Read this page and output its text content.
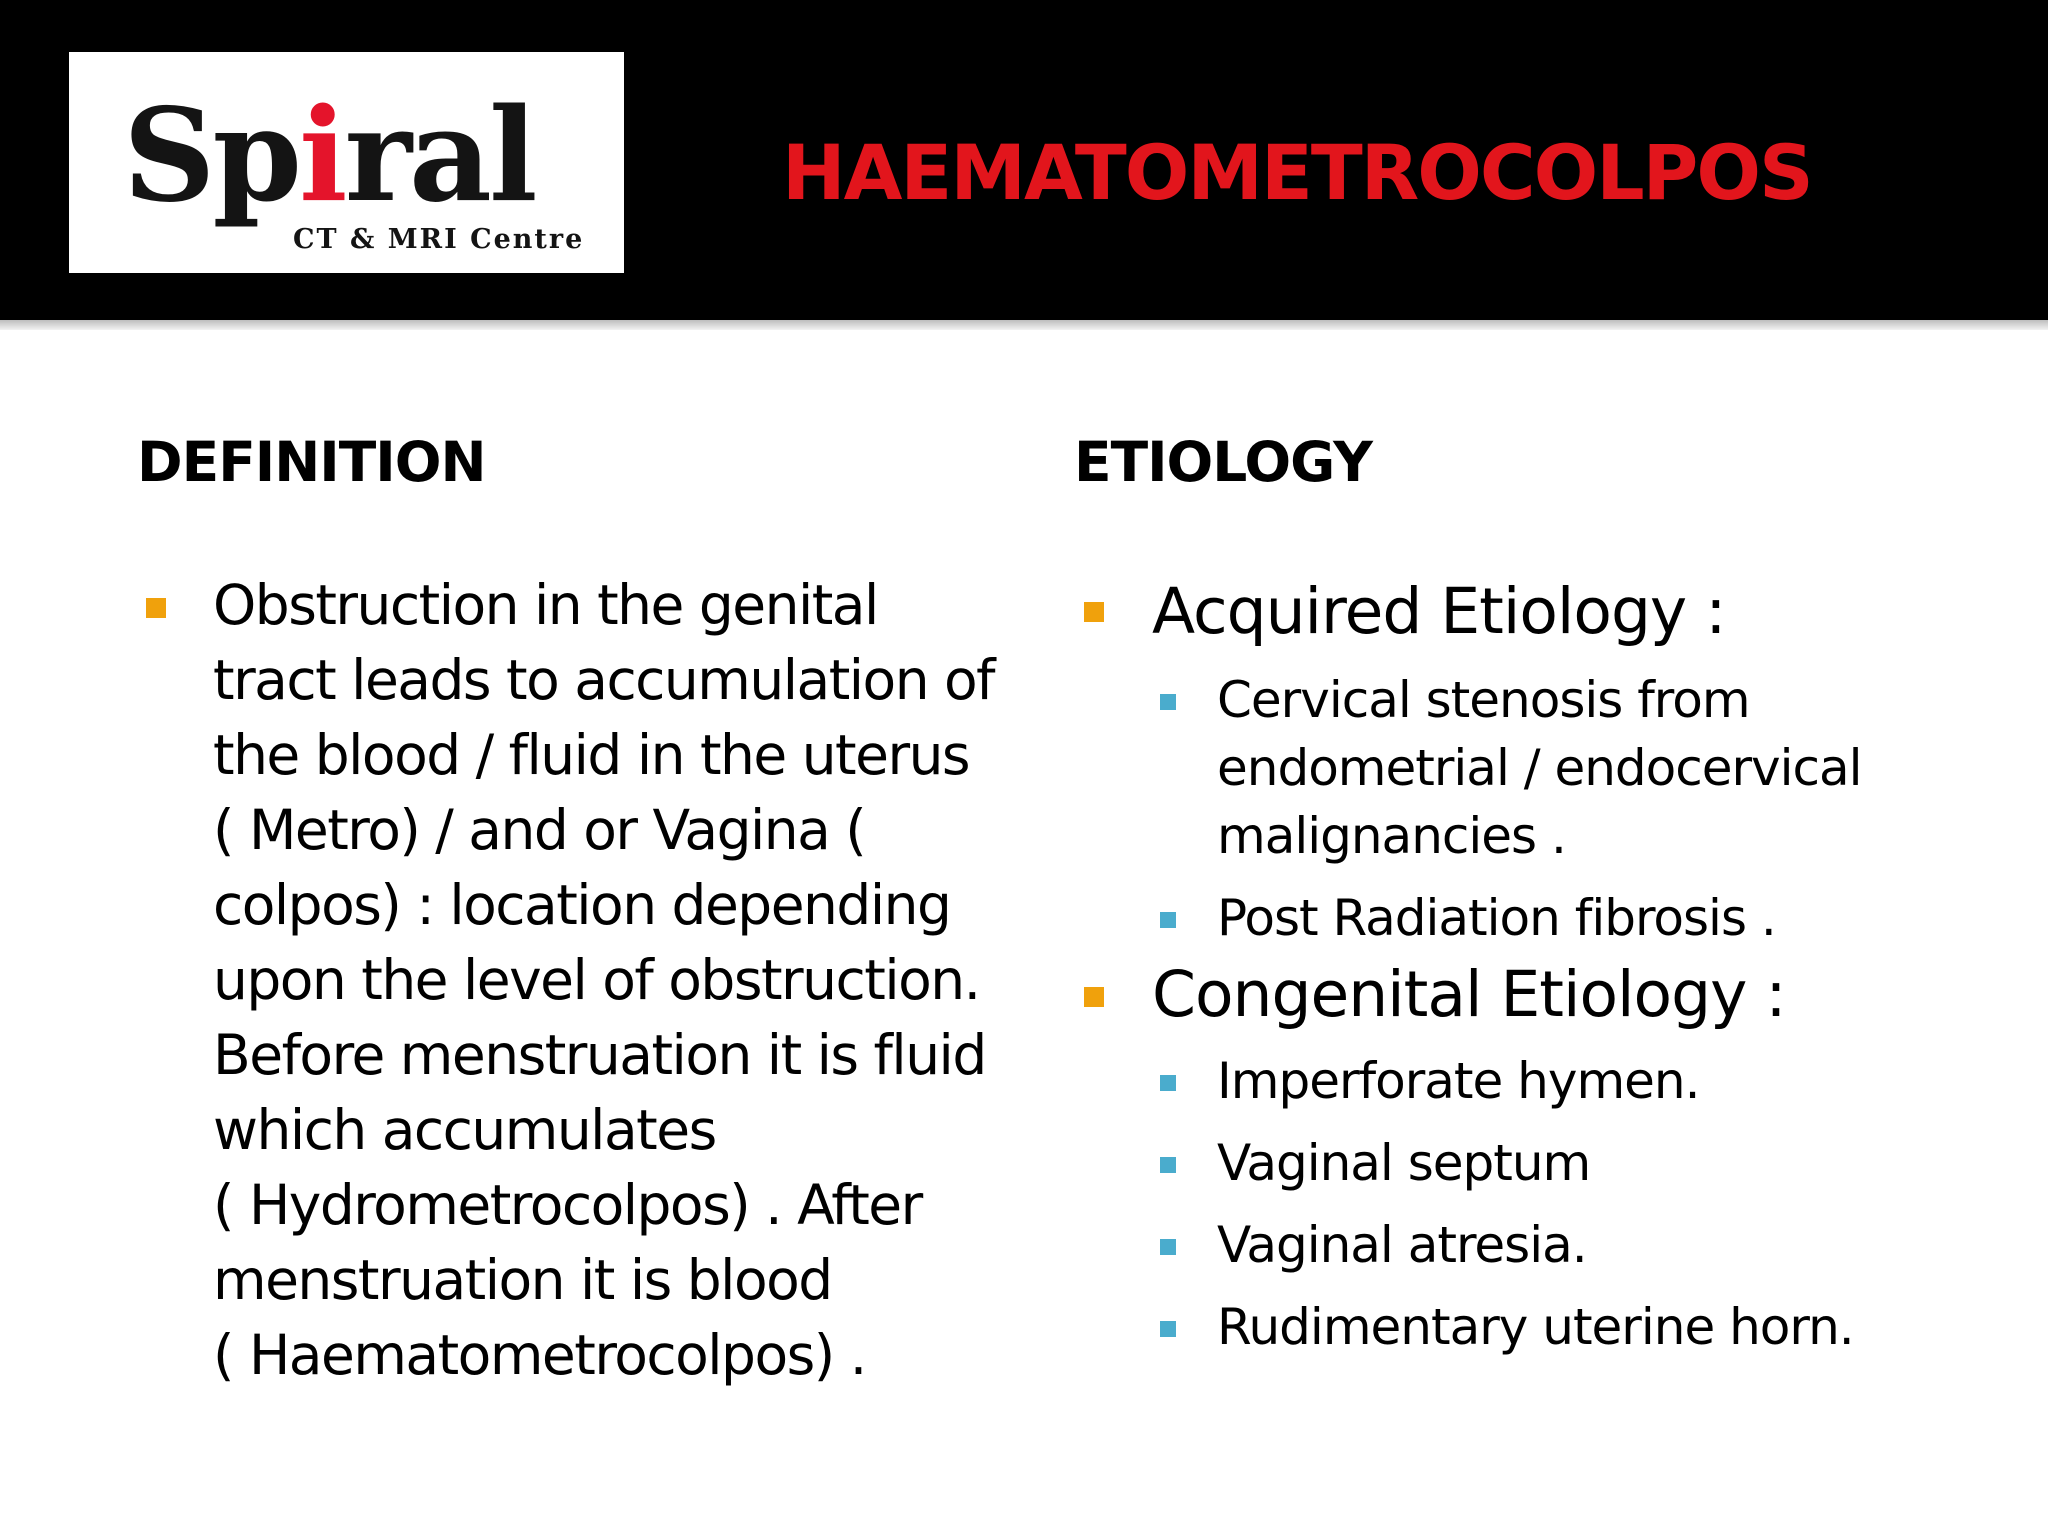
Spiral
CT & MRI Centre
HAEMATOMETROCOLPOS
DEFINITION
Obstruction in the genital
tract leads to accumulation of
the blood / fluid in the uterus
( Metro) / and or Vagina (
colpos) : location depending
upon the level of obstruction.
Before menstruation it is fluid
which accumulates
( Hydrometrocolpos) . After
menstruation it is blood
( Haematometrocolpos) .
ETIOLOGY
Acquired Etiology :
Cervical stenosis from
endometrial / endocervical
malignancies .
Post Radiation fibrosis .
Congenital Etiology :
Imperforate hymen.
Vaginal septum
Vaginal atresia.
Rudimentary uterine horn.
